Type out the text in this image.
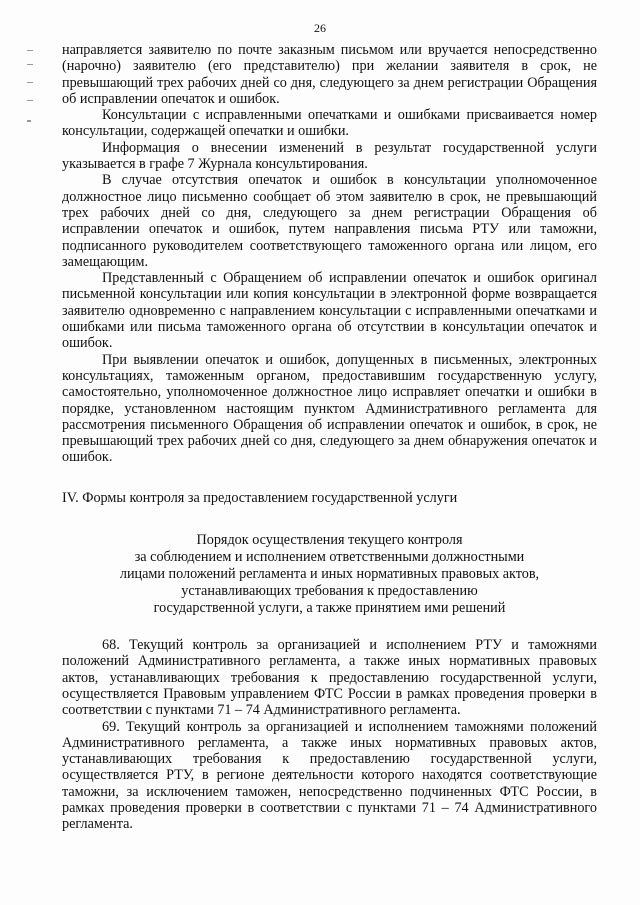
26

направляется заявителю по почте заказным письмом или вручается непосредственно (нарочно) заявителю (его представителю) при желании заявителя в срок, не превышающий трех рабочих дней со дня, следующего за днем регистрации Обращения об исправлении опечаток и ошибок.

Консультации с исправленными опечатками и ошибками присваивается номер консультации, содержащей опечатки и ошибки.

Информация о внесении изменений в результат государственной услуги указывается в графе 7 Журнала консультирования.

В случае отсутствия опечаток и ошибок в консультации уполномоченное должностное лицо письменно сообщает об этом заявителю в срок, не превышающий трех рабочих дней со дня, следующего за днем регистрации Обращения об исправлении опечаток и ошибок, путем направления письма РТУ или таможни, подписанного руководителем соответствующего таможенного органа или лицом, его замещающим.

Представленный с Обращением об исправлении опечаток и ошибок оригинал письменной консультации или копия консультации в электронной форме возвращается заявителю одновременно с направлением консультации с исправленными опечатками и ошибками или письма таможенного органа об отсутствии в консультации опечаток и ошибок.

При выявлении опечаток и ошибок, допущенных в письменных, электронных консультациях, таможенным органом, предоставившим государственную услугу, самостоятельно, уполномоченное должностное лицо исправляет опечатки и ошибки в порядке, установленном настоящим пунктом Административного регламента для рассмотрения письменного Обращения об исправлении опечаток и ошибок, в срок, не превышающий трех рабочих дней со дня, следующего за днем обнаружения опечаток и ошибок.

IV. Формы контроля за предоставлением государственной услуги

Порядок осуществления текущего контроля
за соблюдением и исполнением ответственными должностными
лицами положений регламента и иных нормативных правовых актов,
устанавливающих требования к предоставлению
государственной услуги, а также принятием ими решений

68. Текущий контроль за организацией и исполнением РТУ и таможнями положений Административного регламента, а также иных нормативных правовых актов, устанавливающих требования к предоставлению государственной услуги, осуществляется Правовым управлением ФТС России в рамках проведения проверки в соответствии с пунктами 71 – 74 Административного регламента.

69. Текущий контроль за организацией и исполнением таможнями положений Административного регламента, а также иных нормативных правовых актов, устанавливающих требования к предоставлению государственной услуги, осуществляется РТУ, в регионе деятельности которого находятся соответствующие таможни, за исключением таможен, непосредственно подчиненных ФТС России, в рамках проведения проверки в соответствии с пунктами 71 – 74 Административного регламента.
